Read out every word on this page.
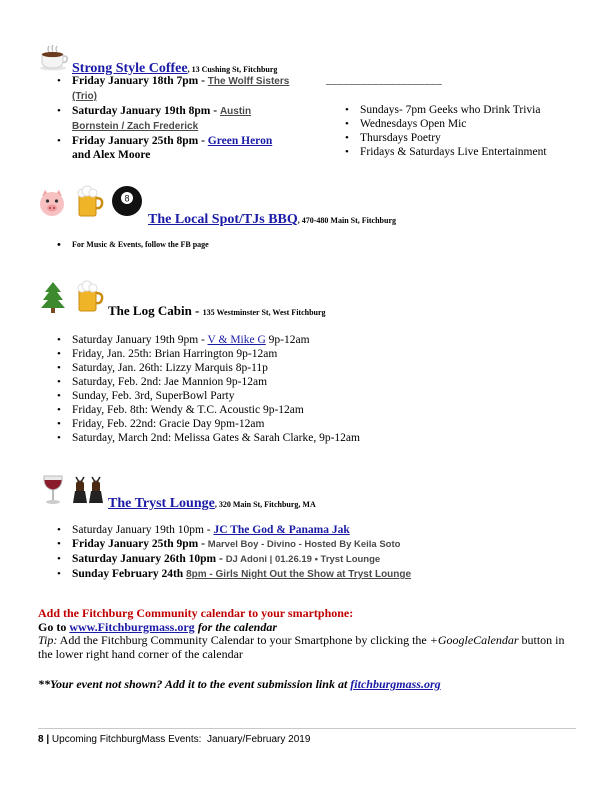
Strong Style Coffee, 13 Cushing St, Fitchburg
• Friday January 18th 7pm - The Wolff Sisters (Trio)
• Saturday January 19th 8pm - Austin Bornstein / Zach Frederick
• Friday January 25th 8pm - Green Heron
and Alex Moore
____________________
• Sundays- 7pm Geeks who Drink Trivia
• Wednesdays Open Mic
• Thursdays Poetry
• Fridays & Saturdays Live Entertainment
8
The Local Spot/TJs BBQ, 470-480 Main St, Fitchburg
• For Music & Events, follow the FB page
The Log Cabin - 135 Westminster St, West Fitchburg
• Saturday January 19th 9pm - V & Mike G 9p-12am
• Friday, Jan. 25th: Brian Harrington 9p-12am
• Saturday, Jan. 26th: Lizzy Marquis 8p-11p
• Saturday, Feb. 2nd: Jae Mannion 9p-12am
• Sunday, Feb. 3rd, SuperBowl Party
• Friday, Feb. 8th: Wendy & T.C. Acoustic 9p-12am
• Friday, Feb. 22nd: Gracie Day 9pm-12am
• Saturday, March 2nd: Melissa Gates & Sarah Clarke, 9p-12am
The Tryst Lounge, 320 Main St, Fitchburg, MA
• Saturday January 19th 10pm - JC The God & Panama Jak
• Friday January 25th 9pm - Marvel Boy - Divino - Hosted By Keila Soto
• Saturday January 26th 10pm - DJ Adoni | 01.26.19 • Tryst Lounge
• Sunday February 24th 8pm - Girls Night Out the Show at Tryst Lounge
Add the Fitchburg Community calendar to your smartphone:
Go to www.Fitchburgmass.org for the calendar
Tip: Add the Fitchburg Community Calendar to your Smartphone by clicking the +GoogleCalendar button in the lower right hand corner of the calendar
**Your event not shown? Add it to the event submission link at fitchburgmass.org
8 | Upcoming FitchburgMass Events:  January/February 2019
